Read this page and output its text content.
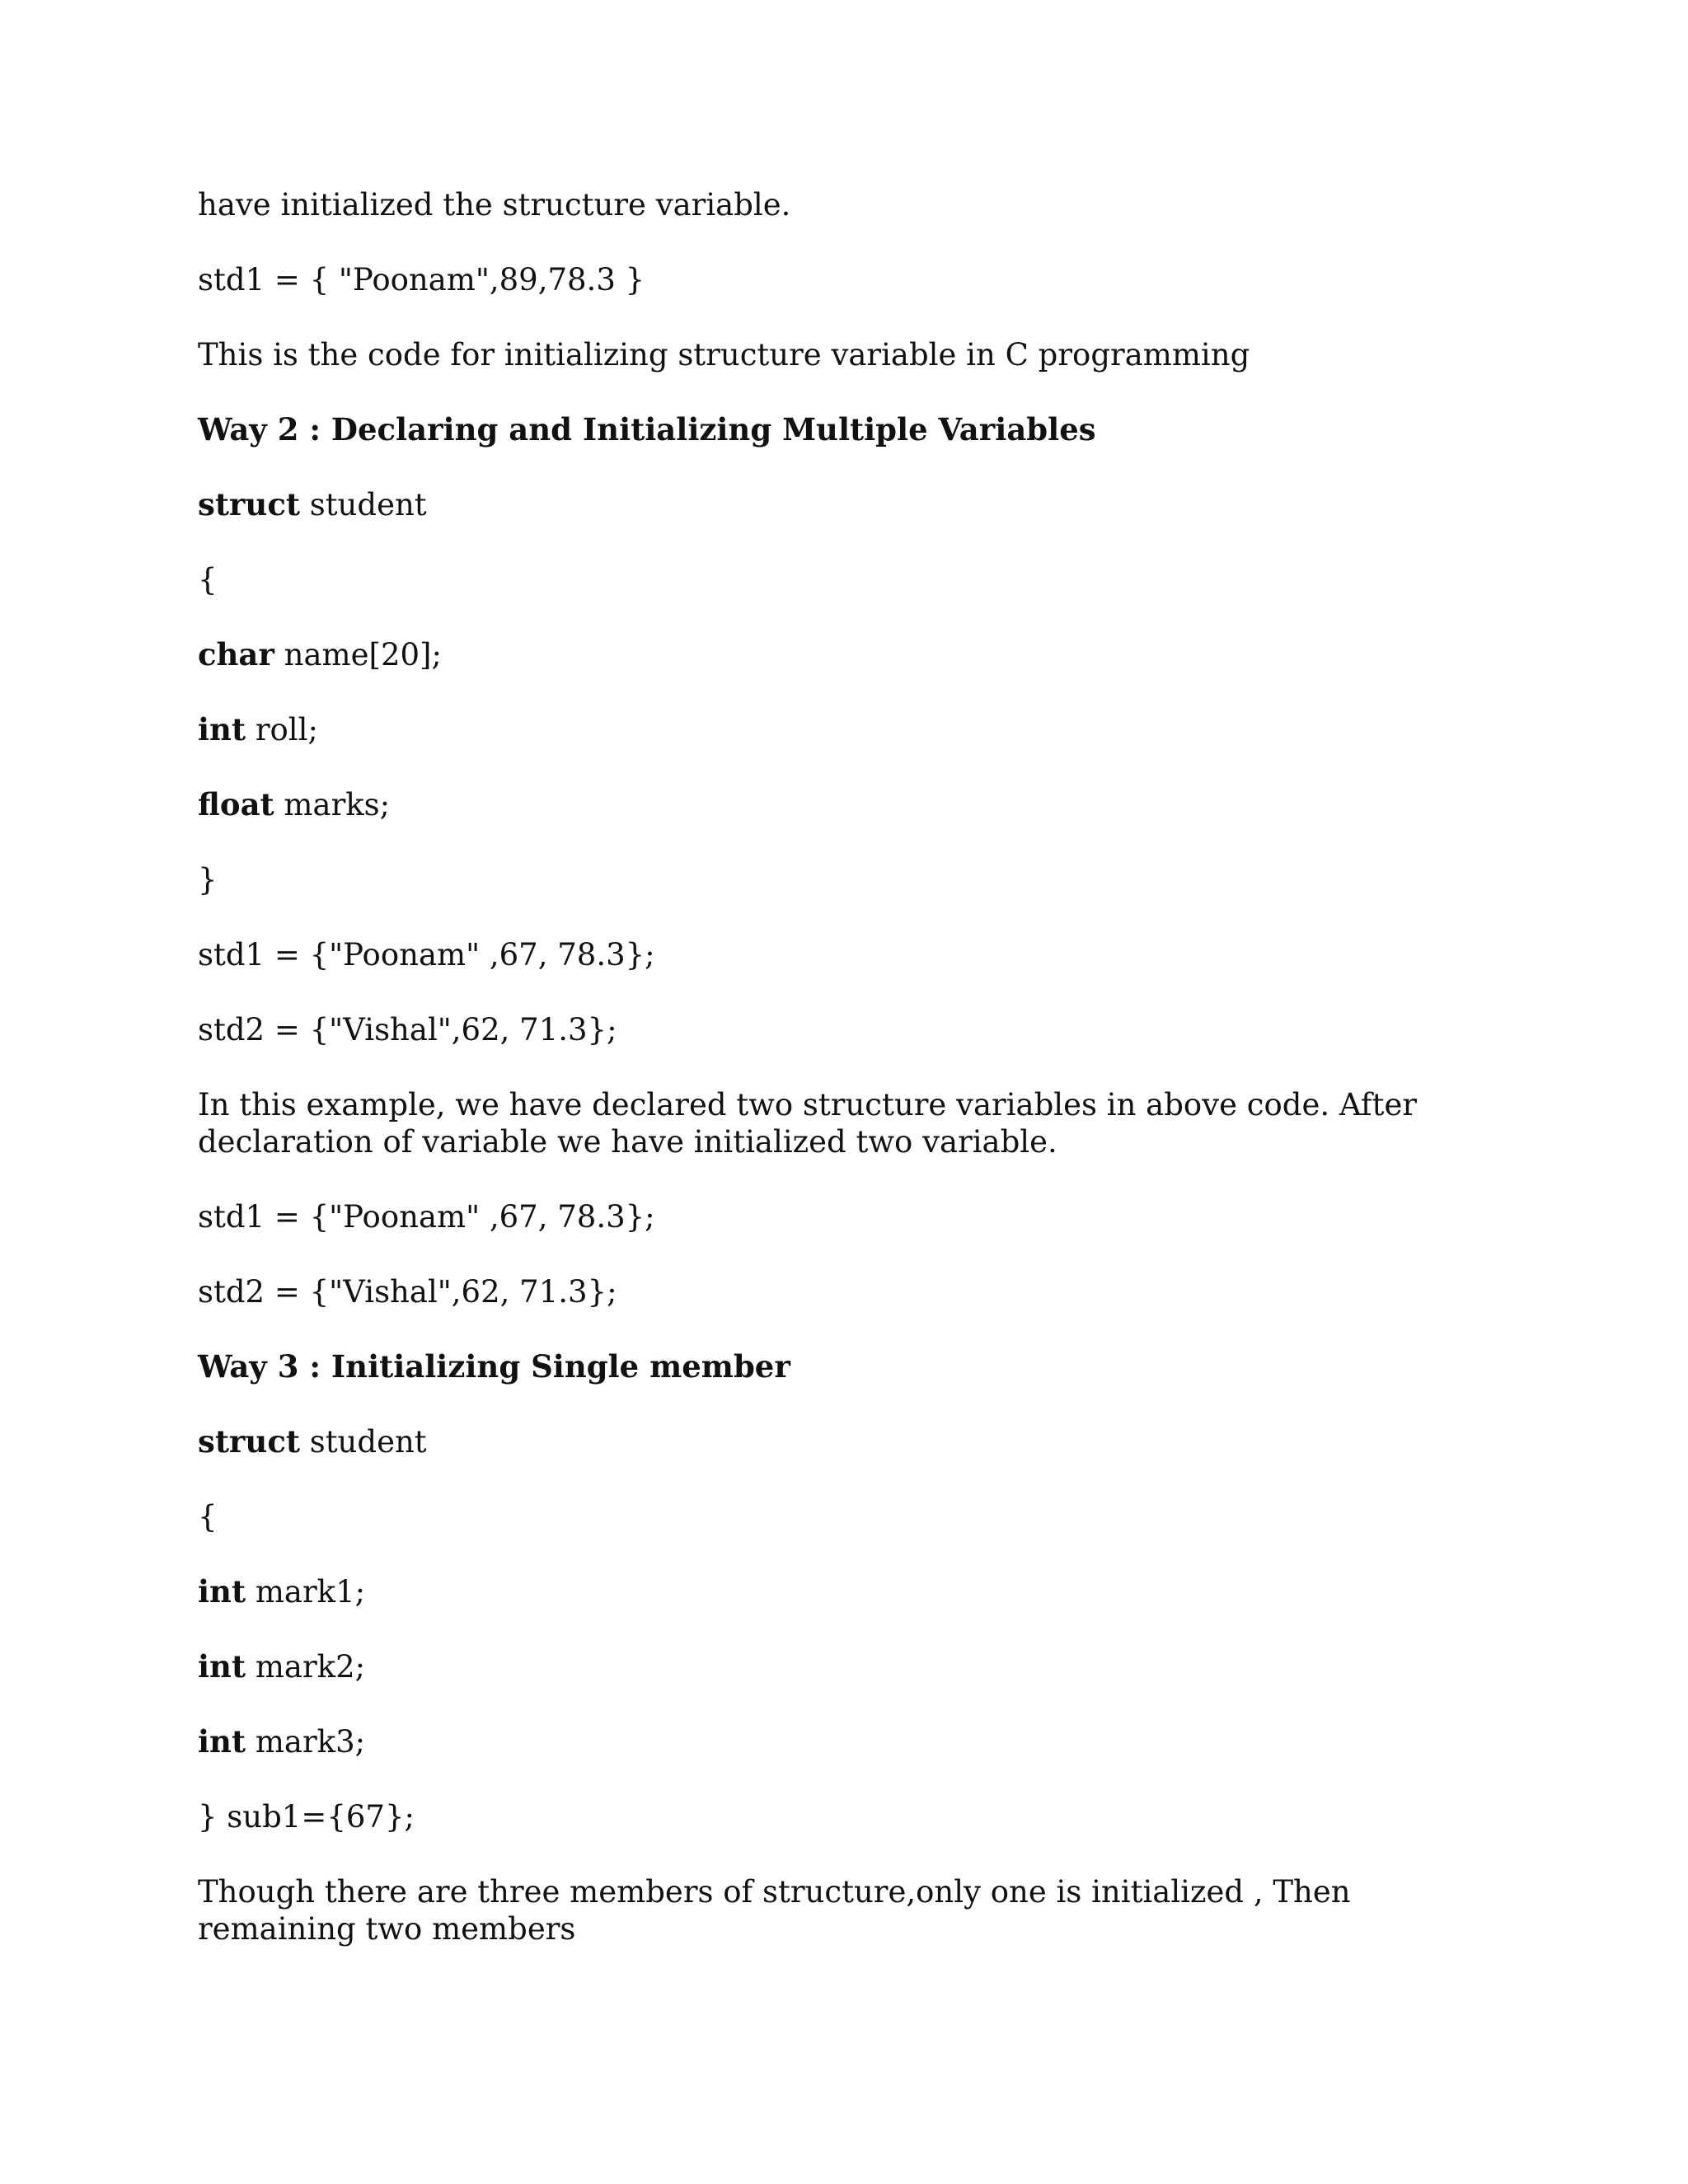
have initialized the structure variable.

std1 = { "Poonam",89,78.3 }

This is the code for initializing structure variable in C programming

Way 2 : Declaring and Initializing Multiple Variables

struct student

{

char name[20];

int roll;

float marks;

}

std1 = {"Poonam" ,67, 78.3};

std2 = {"Vishal",62, 71.3};

In this example, we have declared two structure variables in above code. After declaration of variable we have initialized two variable.

std1 = {"Poonam" ,67, 78.3};

std2 = {"Vishal",62, 71.3};

Way 3 : Initializing Single member

struct student

{

int mark1;

int mark2;

int mark3;

} sub1={67};

Though there are three members of structure,only one is initialized , Then remaining two members
